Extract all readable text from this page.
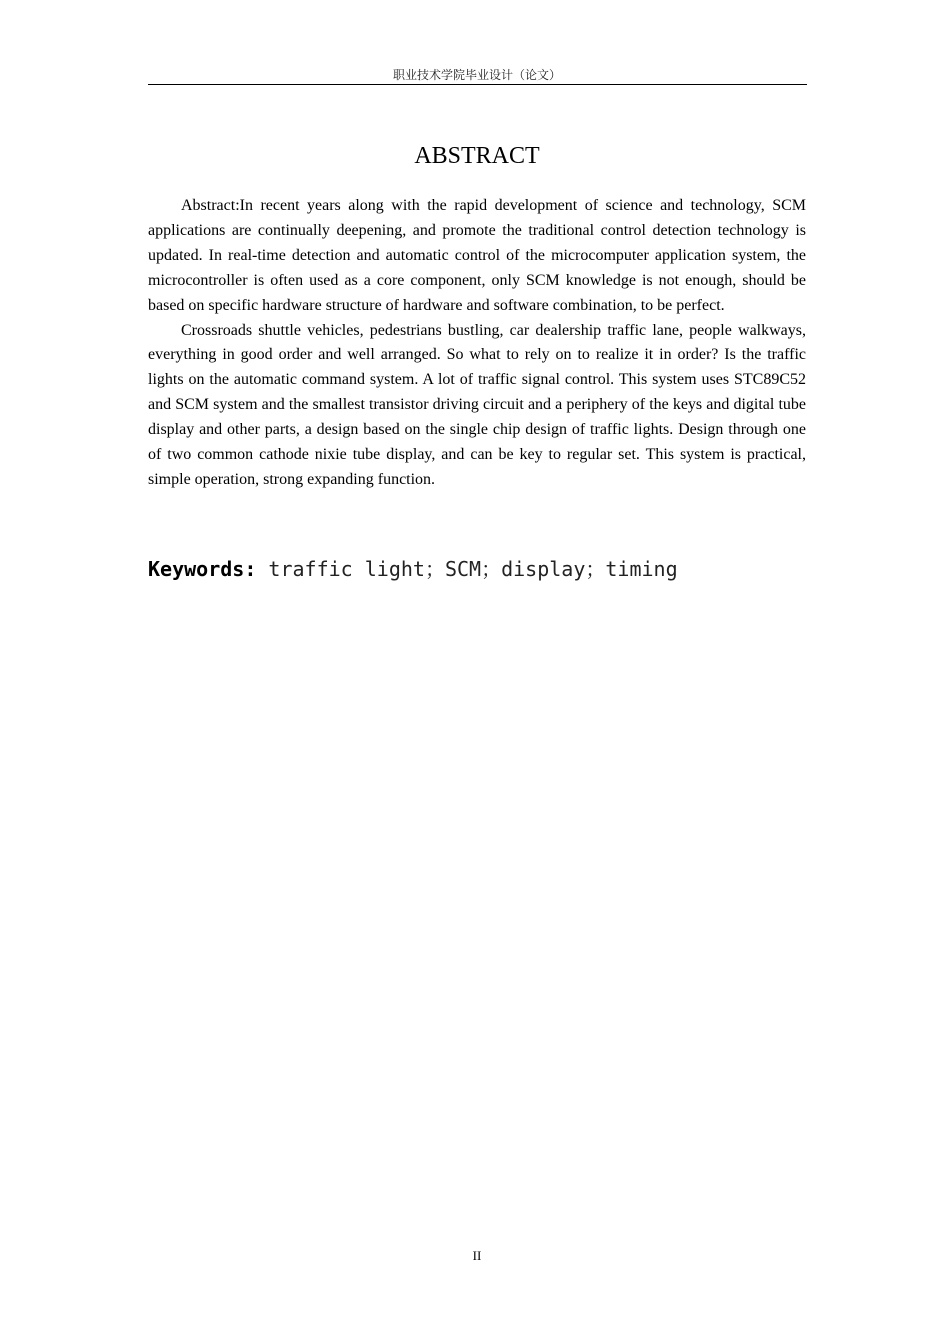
职业技术学院毕业设计（论文）
ABSTRACT

Abstract:In recent years along with the rapid development of science and technology, SCM applications are continually deepening, and promote the traditional control detection technology is updated. In real-time detection and automatic control of the microcomputer application system, the microcontroller is often used as a core component, only SCM knowledge is not enough, should be based on specific hardware structure of hardware and software combination, to be perfect.

Crossroads shuttle vehicles, pedestrians bustling, car dealership traffic lane, people walkways, everything in good order and well arranged. So what to rely on to realize it in order? Is the traffic lights on the automatic command system. A lot of traffic signal control. This system uses STC89C52 and SCM system and the smallest transistor driving circuit and a periphery of the keys and digital tube display and other parts, a design based on the single chip design of traffic lights. Design through one of two common cathode nixie tube display, and can be key to regular set. This system is practical, simple operation, strong expanding function.

Keywords: traffic light；SCM；display；timing
II
